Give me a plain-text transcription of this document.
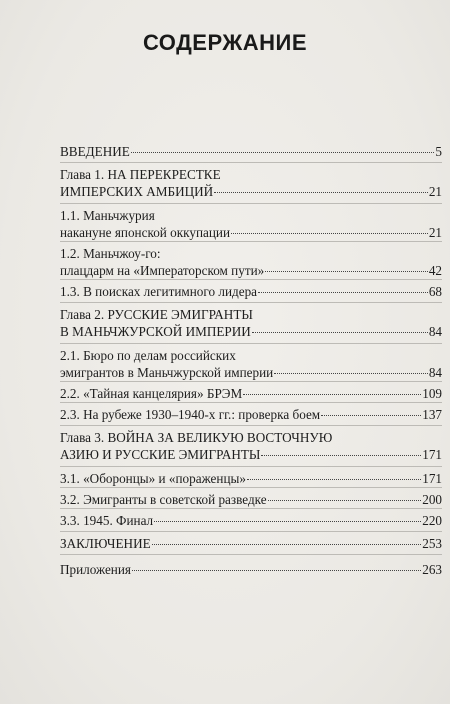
СОДЕРЖАНИЕ
ВВЕДЕНИЕ	5
Глава 1. НА ПЕРЕКРЕСТКЕ
ИМПЕРСКИХ АМБИЦИЙ	21
1.1. Маньчжурия
накануне японской оккупации	21
1.2. Маньчжоу-го:
плацдарм на «Императорском пути»	42
1.3. В поисках легитимного лидера	68
Глава 2. РУССКИЕ ЭМИГРАНТЫ
В МАНЬЧЖУРСКОЙ ИМПЕРИИ	84
2.1. Бюро по делам российских
эмигрантов в Маньчжурской империи	84
2.2. «Тайная канцелярия» БРЭМ	109
2.3. На рубеже 1930–1940-х гг.: проверка боем	137
Глава 3. ВОЙНА ЗА ВЕЛИКУЮ ВОСТОЧНУЮ
АЗИЮ И РУССКИЕ ЭМИГРАНТЫ	171
3.1. «Оборонцы» и «пораженцы»	171
3.2. Эмигранты в советской разведке	200
3.3. 1945. Финал	220
ЗАКЛЮЧЕНИЕ	253
Приложения	263
